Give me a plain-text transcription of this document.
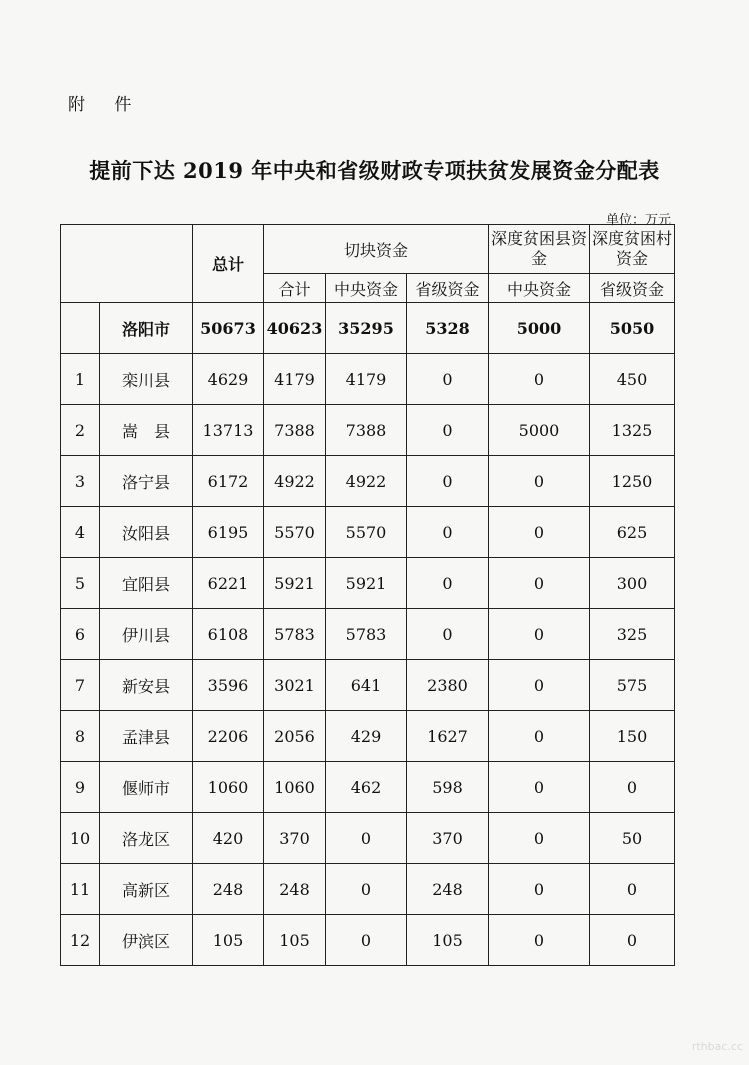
附 件
提前下达 2019 年中央和省级财政专项扶贫发展资金分配表
单位：万元
		总计	切块资金			深度贫困县资金	深度贫困村资金
			合计	中央资金	省级资金	中央资金	省级资金
	洛阳市	50673	40623	35295	5328	5000	5050
1	栾川县	4629	4179	4179	0	0	450
2	嵩　县	13713	7388	7388	0	5000	1325
3	洛宁县	6172	4922	4922	0	0	1250
4	汝阳县	6195	5570	5570	0	0	625
5	宜阳县	6221	5921	5921	0	0	300
6	伊川县	6108	5783	5783	0	0	325
7	新安县	3596	3021	641	2380	0	575
8	孟津县	2206	2056	429	1627	0	150
9	偃师市	1060	1060	462	598	0	0
10	洛龙区	420	370	0	370	0	50
11	高新区	248	248	0	248	0	0
12	伊滨区	105	105	0	105	0	0
rthbac.cc
